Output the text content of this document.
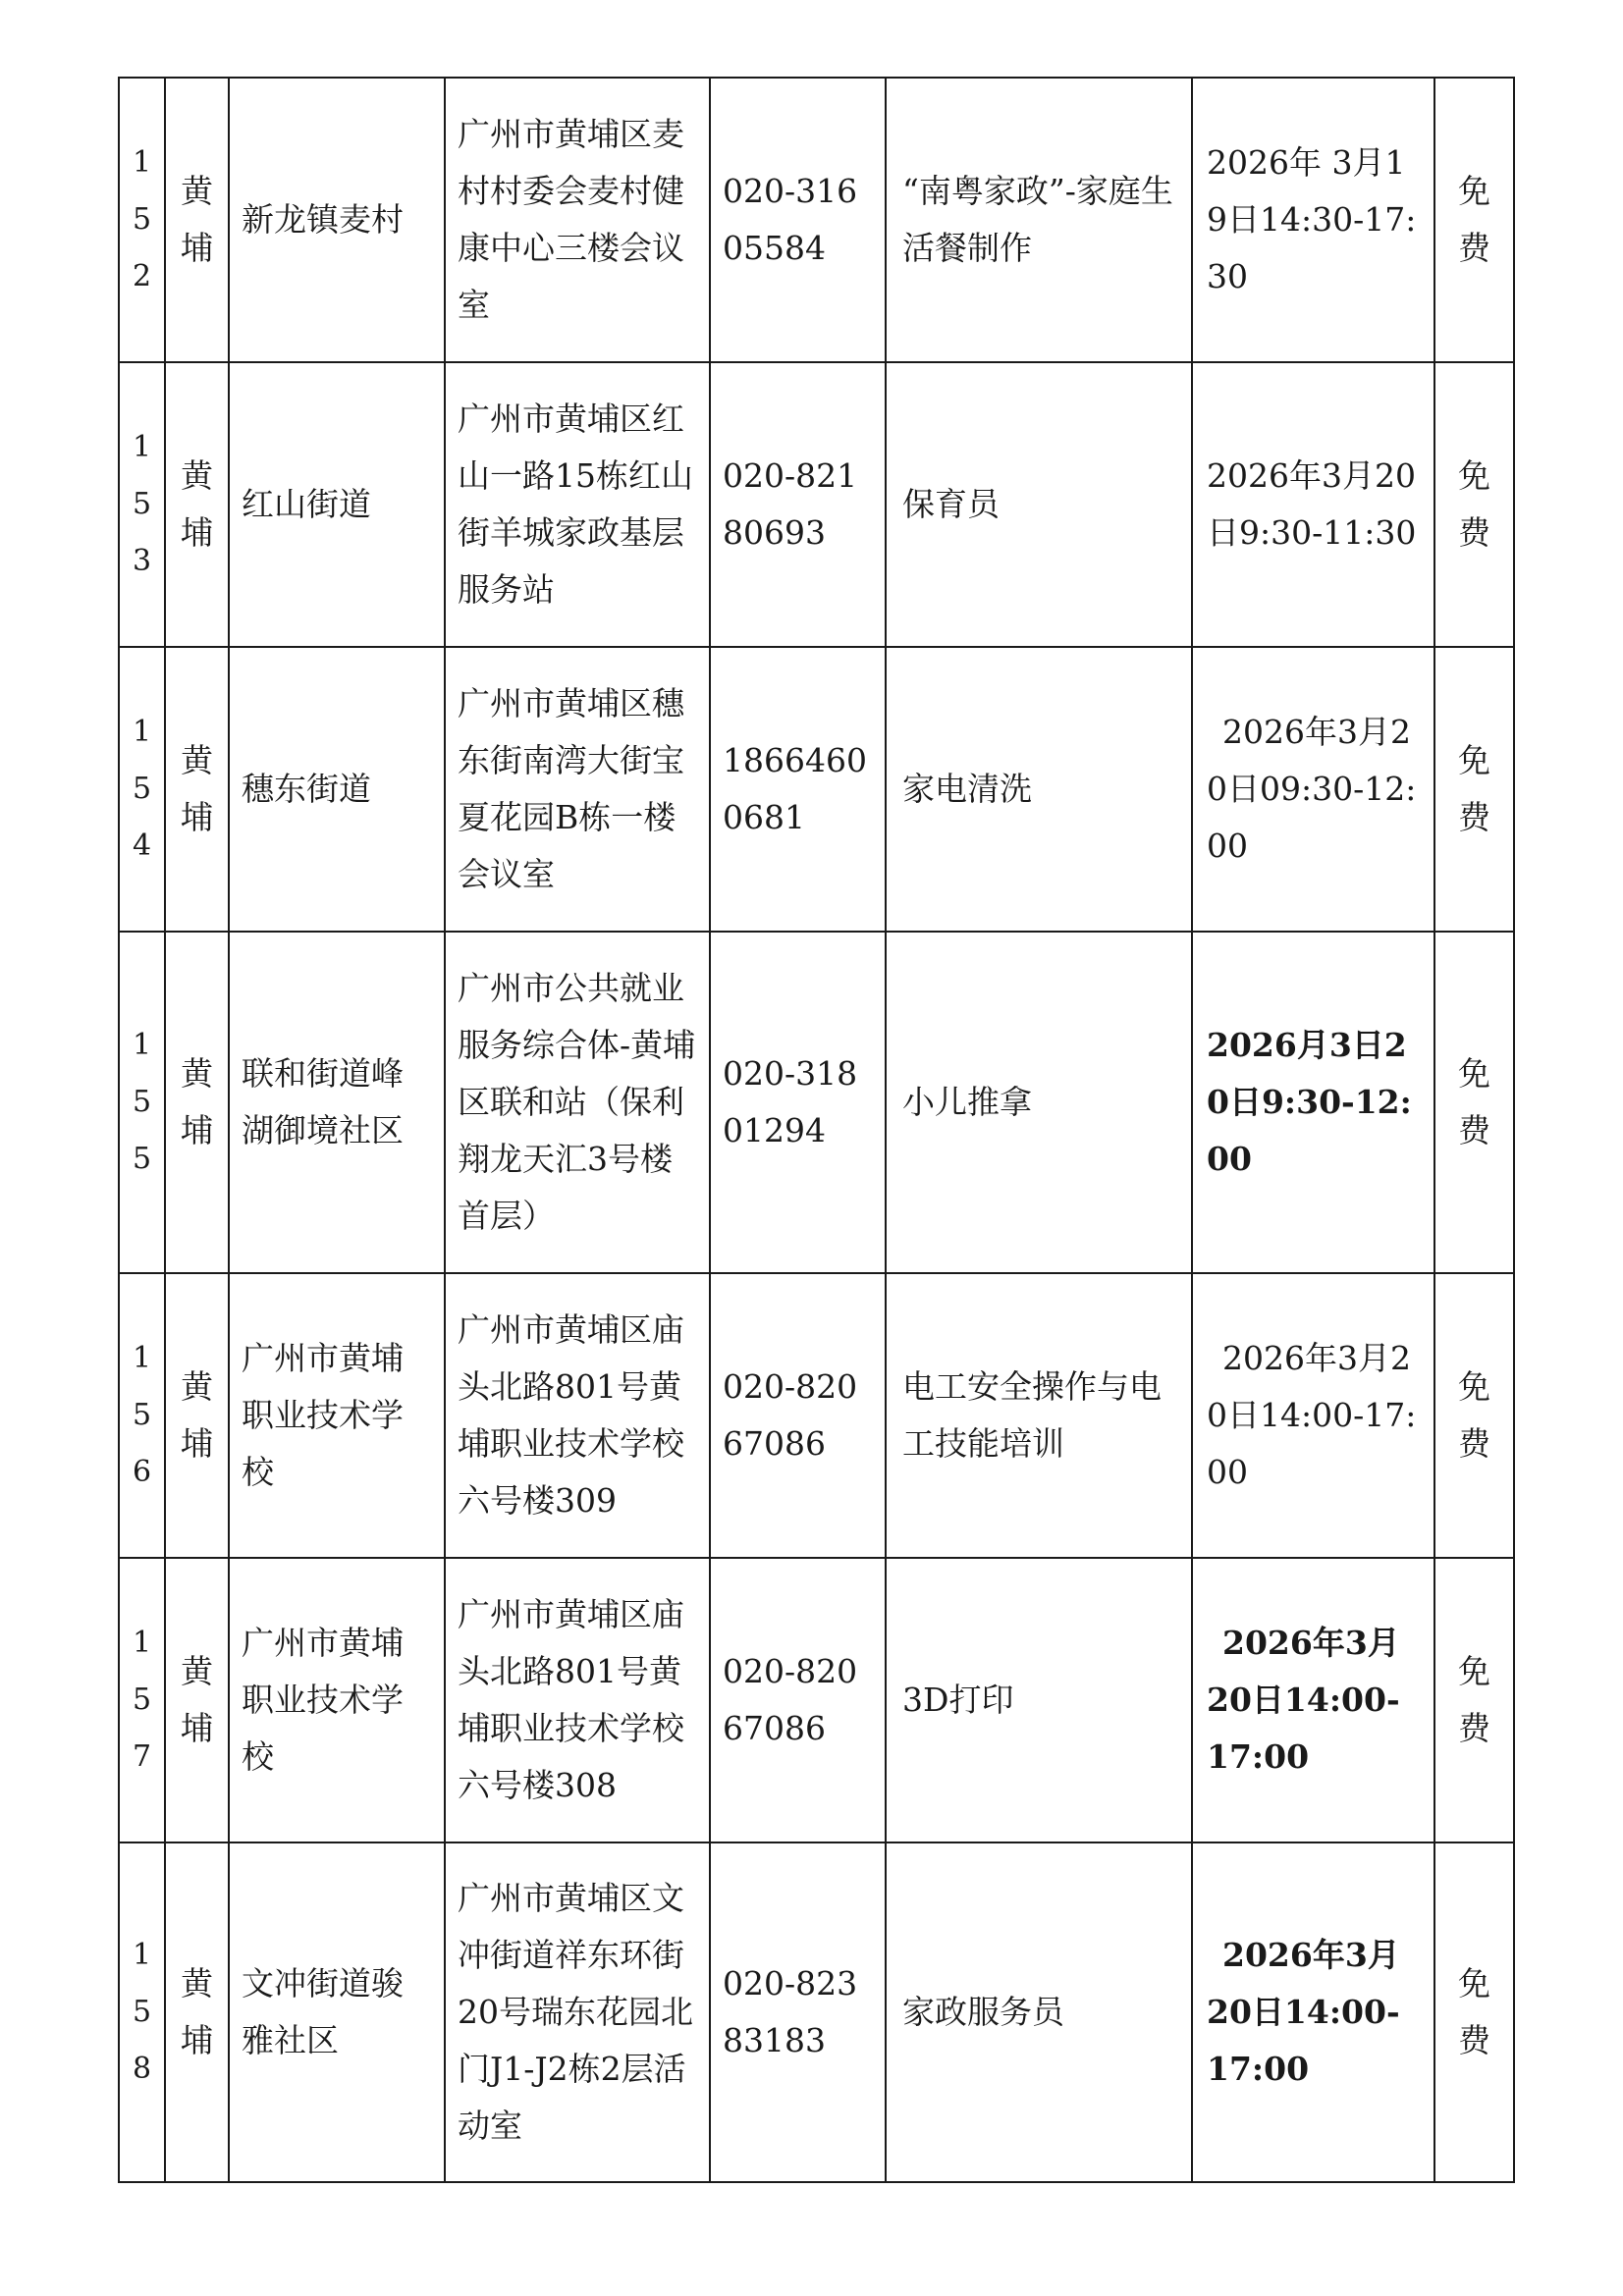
152	黄埔	新龙镇麦村	广州市黄埔区麦村村委会麦村健康中心三楼会议室	020-31605584	“南粤家政”-家庭生活餐制作	2026年 3月19日14:30-17:30	免费
153	黄埔	红山街道	广州市黄埔区红山一路15栋红山街羊城家政基层服务站	020-82180693	保育员	2026年3月20日9:30-11:30	免费
154	黄埔	穗东街道	广州市黄埔区穗东街南湾大街宝夏花园B栋一楼会议室	18664600681	家电清洗	2026年3月20日09:30-12:00	免费
155	黄埔	联和街道峰湖御境社区	广州市公共就业服务综合体-黄埔区联和站（保利翔龙天汇3号楼首层）	020-31801294	小儿推拿	2026月3日20日9:30-12:00	免费
156	黄埔	广州市黄埔职业技术学校	广州市黄埔区庙头北路801号黄埔职业技术学校六号楼309	020-82067086	电工安全操作与电工技能培训	2026年3月20日14:00-17:00	免费
157	黄埔	广州市黄埔职业技术学校	广州市黄埔区庙头北路801号黄埔职业技术学校六号楼308	020-82067086	3D打印	2026年3月20日14:00-17:00	免费
158	黄埔	文冲街道骏雅社区	广州市黄埔区文冲街道祥东环街20号瑞东花园北门J1-J2栋2层活动室	020-82383183	家政服务员	2026年3月20日14:00-17:00	免费
